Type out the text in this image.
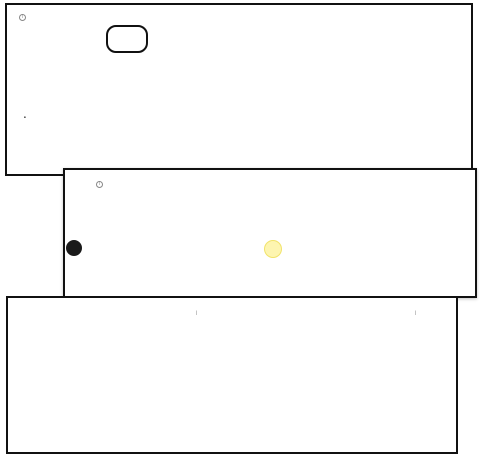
i
•
i
|	|
